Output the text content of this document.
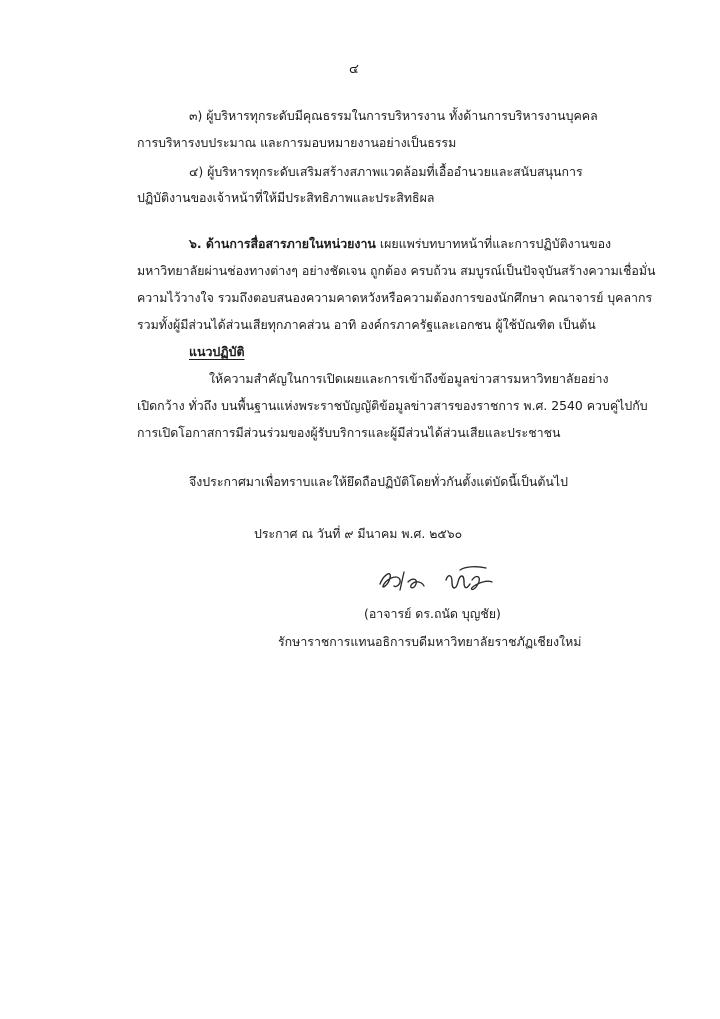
๔
๓) ผู้บริหารทุกระดับมีคุณธรรมในการบริหารงาน ทั้งด้านการบริหารงานบุคคล
การบริหารงบประมาณ และการมอบหมายงานอย่างเป็นธรรม
๔) ผู้บริหารทุกระดับเสริมสร้างสภาพแวดล้อมที่เอื้ออำนวยและสนับสนุนการ
ปฏิบัติงานของเจ้าหน้าที่ให้มีประสิทธิภาพและประสิทธิผล
๖. ด้านการสื่อสารภายในหน่วยงาน เผยแพร่บทบาทหน้าที่และการปฏิบัติงานของ
มหาวิทยาลัยผ่านช่องทางต่างๆ อย่างชัดเจน ถูกต้อง ครบถ้วน สมบูรณ์เป็นปัจจุบันสร้างความเชื่อมั่น
ความไว้วางใจ รวมถึงตอบสนองความคาดหวังหรือความต้องการของนักศึกษา คณาจารย์ บุคลากร
รวมทั้งผู้มีส่วนได้ส่วนเสียทุกภาคส่วน อาทิ องค์กรภาครัฐและเอกชน ผู้ใช้บัณฑิต เป็นต้น
แนวปฏิบัติ
ให้ความสำคัญในการเปิดเผยและการเข้าถึงข้อมูลข่าวสารมหาวิทยาลัยอย่าง
เปิดกว้าง ทั่วถึง บนพื้นฐานแห่งพระราชบัญญัติข้อมูลข่าวสารของราชการ พ.ศ. 2540 ควบคู่ไปกับ
การเปิดโอกาสการมีส่วนร่วมของผู้รับบริการและผู้มีส่วนได้ส่วนเสียและประชาชน
จึงประกาศมาเพื่อทราบและให้ยึดถือปฏิบัติโดยทั่วกันตั้งแต่บัดนี้เป็นต้นไป
ประกาศ ณ วันที่ ๙ มีนาคม พ.ศ. ๒๕๖๐
(อาจารย์ ดร.ถนัด บุญชัย)
รักษาราชการแทนอธิการบดีมหาวิทยาลัยราชภัฏเชียงใหม่
